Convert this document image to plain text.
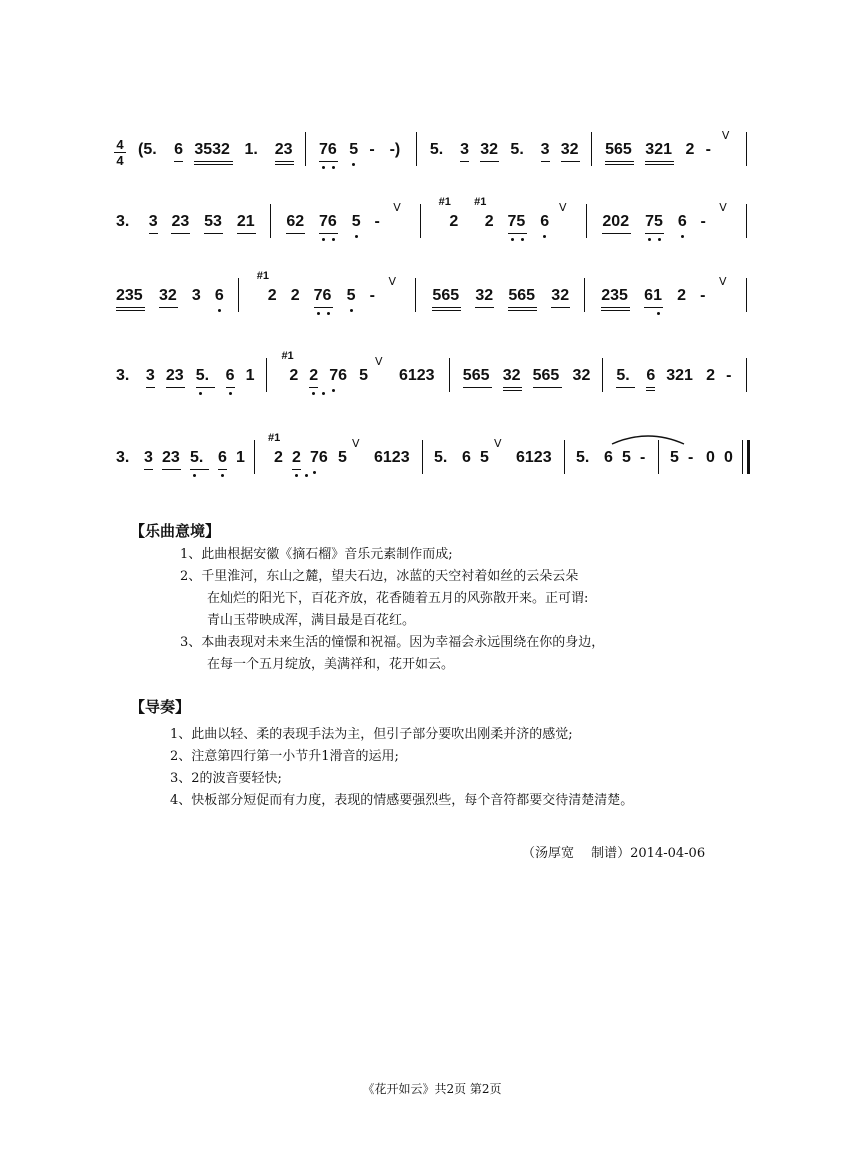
4
4
(5. 6 3532 1. 23 76 5 - -) 5. 3 32 5. 3 32 565 321 2 -
V
3. 3 23 53 21 62 76 5 -
V	#1
2
#1
2 75 6
V
202 75 6 -
V
235 32 3 6
#1
2 2 76 5 -
V
565 32 565 32 235 61 2 -
V
3. 3 23 5. 6 1
#1
2 2 76 5
V
6123 565 32 565 32 5. 6 321 2 -
3. 3 23 5. 6 1
#1
2 2 76 5
V
6123 5. 6 5
V
6123 5. 6 5 - 5 - 0 0
【乐曲意境】
1、此曲根据安徽《摘石榴》音乐元素制作而成;
2、千里淮河，东山之麓，望夫石边，冰蓝的天空衬着如丝的云朵云朵
在灿烂的阳光下，百花齐放，花香随着五月的风弥散开来。正可谓:
青山玉带映成浑，满目最是百花红。
3、本曲表现对未来生活的憧憬和祝福。因为幸福会永远围绕在你的身边，
在每一个五月绽放，美满祥和，花开如云。
【导奏】
1、此曲以轻、柔的表现手法为主，但引子部分要吹出刚柔并济的感觉;
2、注意第四行第一小节升1滑音的运用;
3、2的波音要轻快;
4、快板部分短促而有力度，表现的情感要强烈些，每个音符都要交待清楚清楚。
（汤厚宽　 制谱）2014-04-06
《花开如云》共2页 第2页
